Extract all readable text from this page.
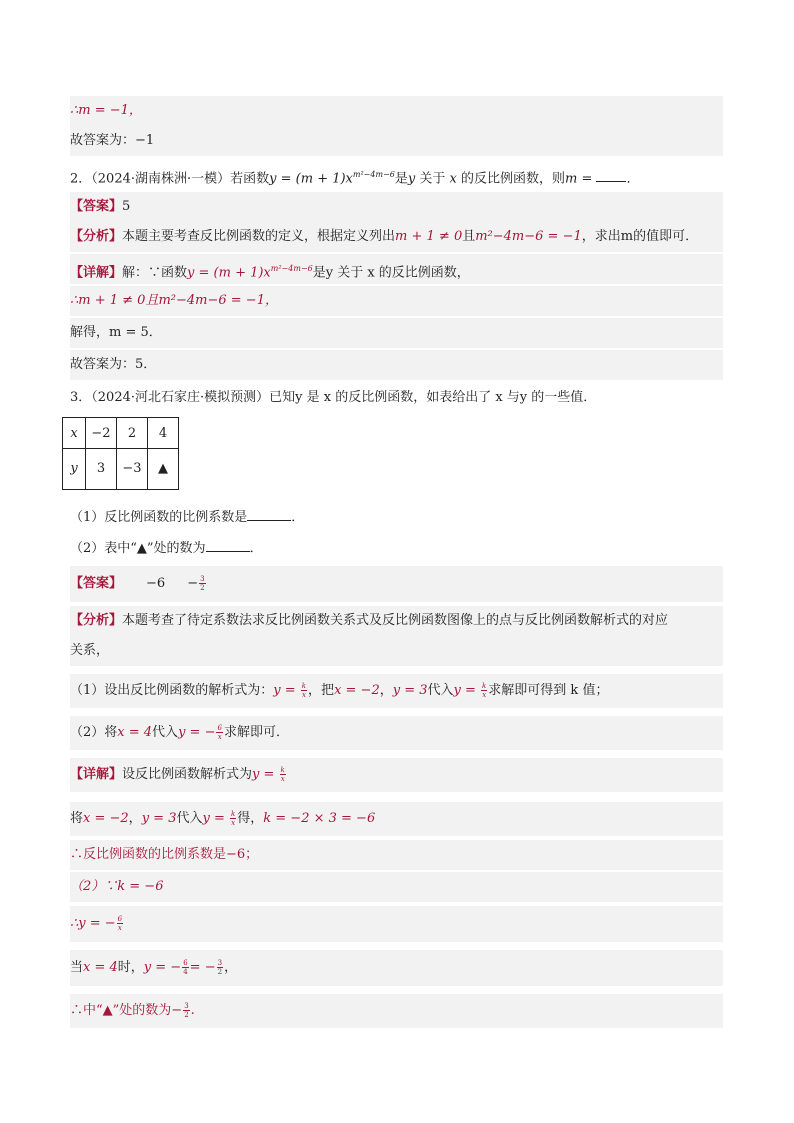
∴m = −1，
故答案为：−1
2．（2024·湖南株洲·一模）若函数$y = (m + 1)x^{m^2-4m-6}$是y 关于 x 的反比例函数，则m = ．
【答案】5
【分析】本题主要考查反比例函数的定义，根据定义列出m + 1 ≠ 0且m²−4m−6 = −1，求出m的值即可．
【详解】解：∵函数$y = (m + 1)x^{m^2-4m-6}$是y 关于 x 的反比例函数，
∴m + 1 ≠ 0且m²−4m−6 = −1，
解得，m = 5．
故答案为：5．
3．（2024·河北石家庄·模拟预测）已知y 是 x 的反比例函数，如表给出了 x 与y 的一些值．
x	−2	2	4
y	3	−3	▲
（1）反比例函数的比例系数是	．
（2）表中“▲”处的数为	．
【答案】 $-6 - \frac{3}{2}$
【分析】本题考查了待定系数法求反比例函数关系式及反比例函数图像上的点与反比例函数解析式的对应
关系，
（1）设出反比例函数的解析式为：$y = \frac{k}{x}$ ，把x = −2，y = 3代入$y = \frac{k}{x}$ 求解即可得到 k 值；
（2）将x = 4代入y = − $\frac{6}{x}$ 求解即可．
【详解】设反比例函数解析式为$y = \frac{k}{x}$
将x = −2，y = 3代入$y = \frac{k}{x}$ 得，k = −2 × 3 = −6
∴反比例函数的比例系数是−6；
（2）∵k = −6
∴y = − $\frac{6}{x}$
当x = 4时，y = − $\frac{6}{4}$ = − $\frac{3}{2}$ ，
∴中“▲”处的数为− $\frac{3}{2}$ .
